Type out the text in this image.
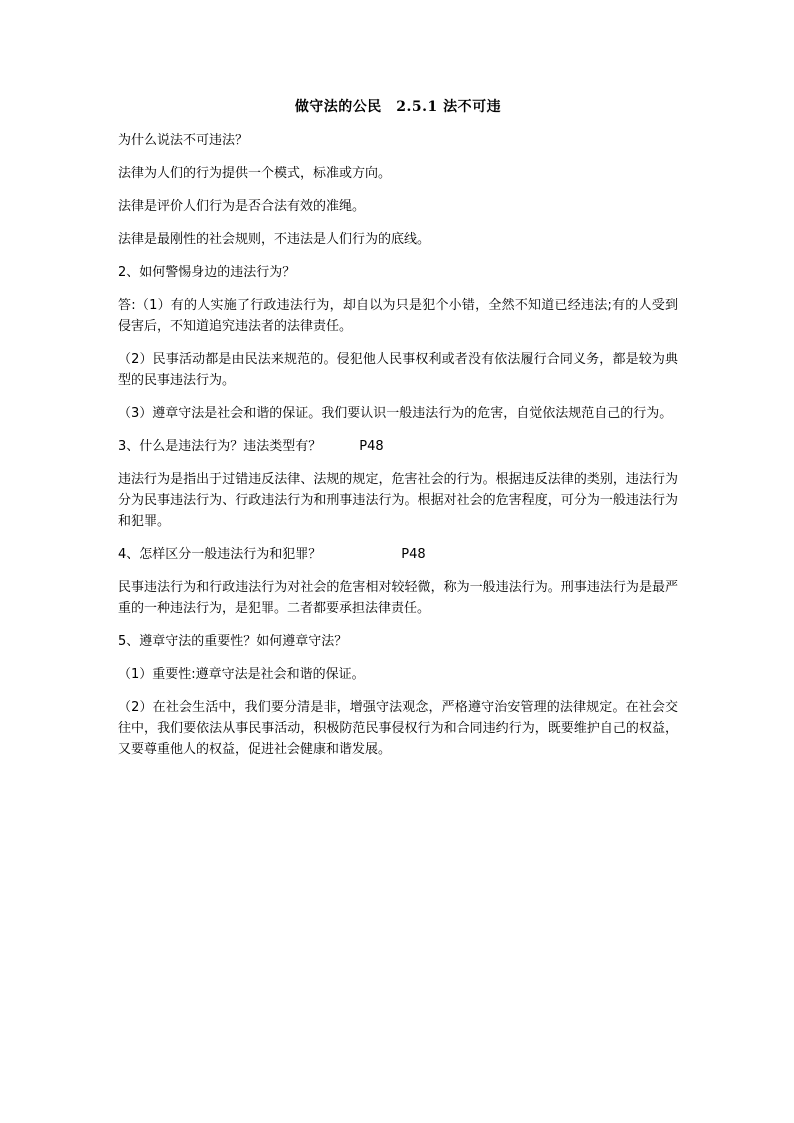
做守法的公民　2.5.1 法不可违
为什么说法不可违法？
法律为人们的行为提供一个模式，标准或方向。
法律是评价人们行为是否合法有效的准绳。
法律是最刚性的社会规则，不违法是人们行为的底线。
2、如何警惕身边的违法行为？
答:（1）有的人实施了行政违法行为，却自以为只是犯个小错，全然不知道已经违法;有的人受到侵害后，不知道追究违法者的法律责任。
（2）民事活动都是由民法来规范的。侵犯他人民事权利或者没有依法履行合同义务，都是较为典型的民事违法行为。
（3）遵章守法是社会和谐的保证。我们要认识一般违法行为的危害，自觉依法规范自己的行为。
3、什么是违法行为？违法类型有？	P48
违法行为是指出于过错违反法律、法规的规定，危害社会的行为。根据违反法律的类别，违法行为分为民事违法行为、行政违法行为和刑事违法行为。根据对社会的危害程度，可分为一般违法行为和犯罪。
4、怎样区分一般违法行为和犯罪？	P48
民事违法行为和行政违法行为对社会的危害相对较轻微，称为一般违法行为。刑事违法行为是最严重的一种违法行为，是犯罪。二者都要承担法律责任。
5、遵章守法的重要性？如何遵章守法？
（1）重要性:遵章守法是社会和谐的保证。
（2）在社会生活中，我们要分清是非，增强守法观念，严格遵守治安管理的法律规定。在社会交往中，我们要依法从事民事活动，积极防范民事侵权行为和合同违约行为，既要维护自己的权益，又要尊重他人的权益，促进社会健康和谐发展。
